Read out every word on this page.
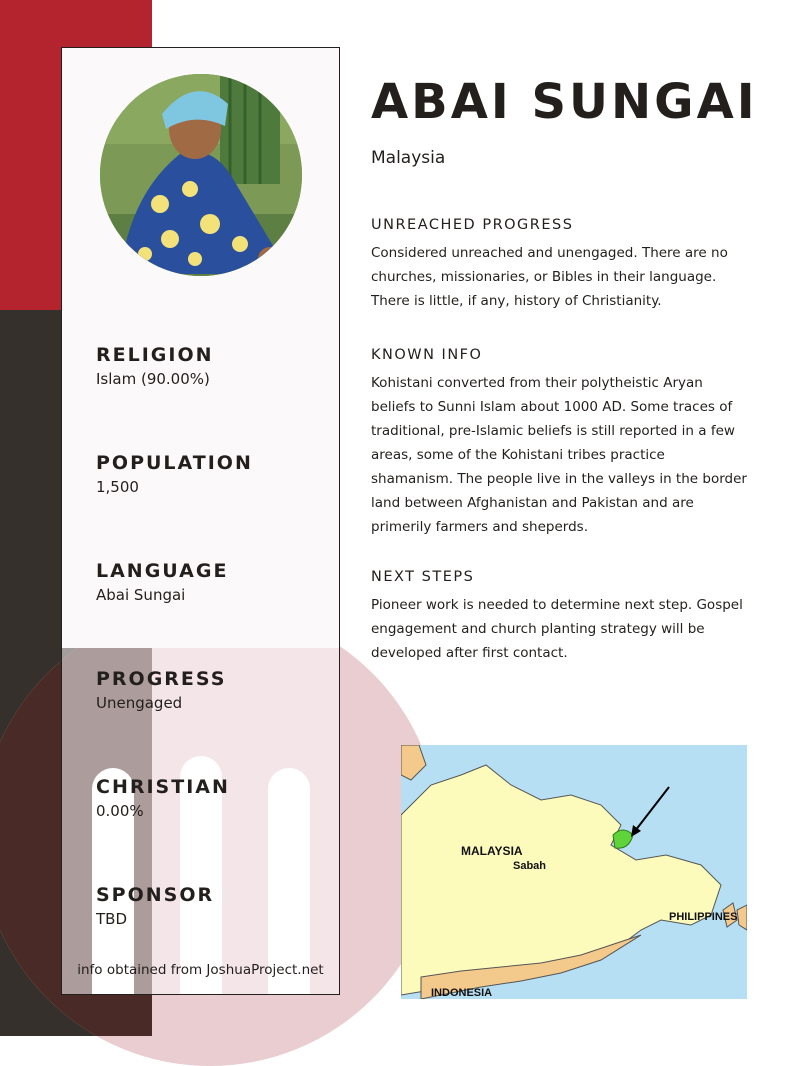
RELIGION
Islam (90.00%)
POPULATION
1,500
LANGUAGE
Abai Sungai
PROGRESS
Unengaged
CHRISTIAN
0.00%
SPONSOR
TBD
info obtained from JoshuaProject.net
ABAI SUNGAI
Malaysia
UNREACHED PROGRESS
Considered unreached and unengaged. There are no churches, missionaries, or Bibles in their language. There is little, if any, history of Christianity.
KNOWN INFO
Kohistani converted from their polytheistic Aryan beliefs to Sunni Islam about 1000 AD. Some traces of traditional, pre-Islamic beliefs is still reported in a few areas, some of the Kohistani tribes practice shamanism. The people live in the valleys in the border land between Afghanistan and Pakistan and are primerily farmers and sheperds.
NEXT STEPS
Pioneer work is needed to determine next step. Gospel engagement and church planting strategy will be developed after first contact.
MALAYSIA
Sabah
PHILIPPINES
INDONESIA
